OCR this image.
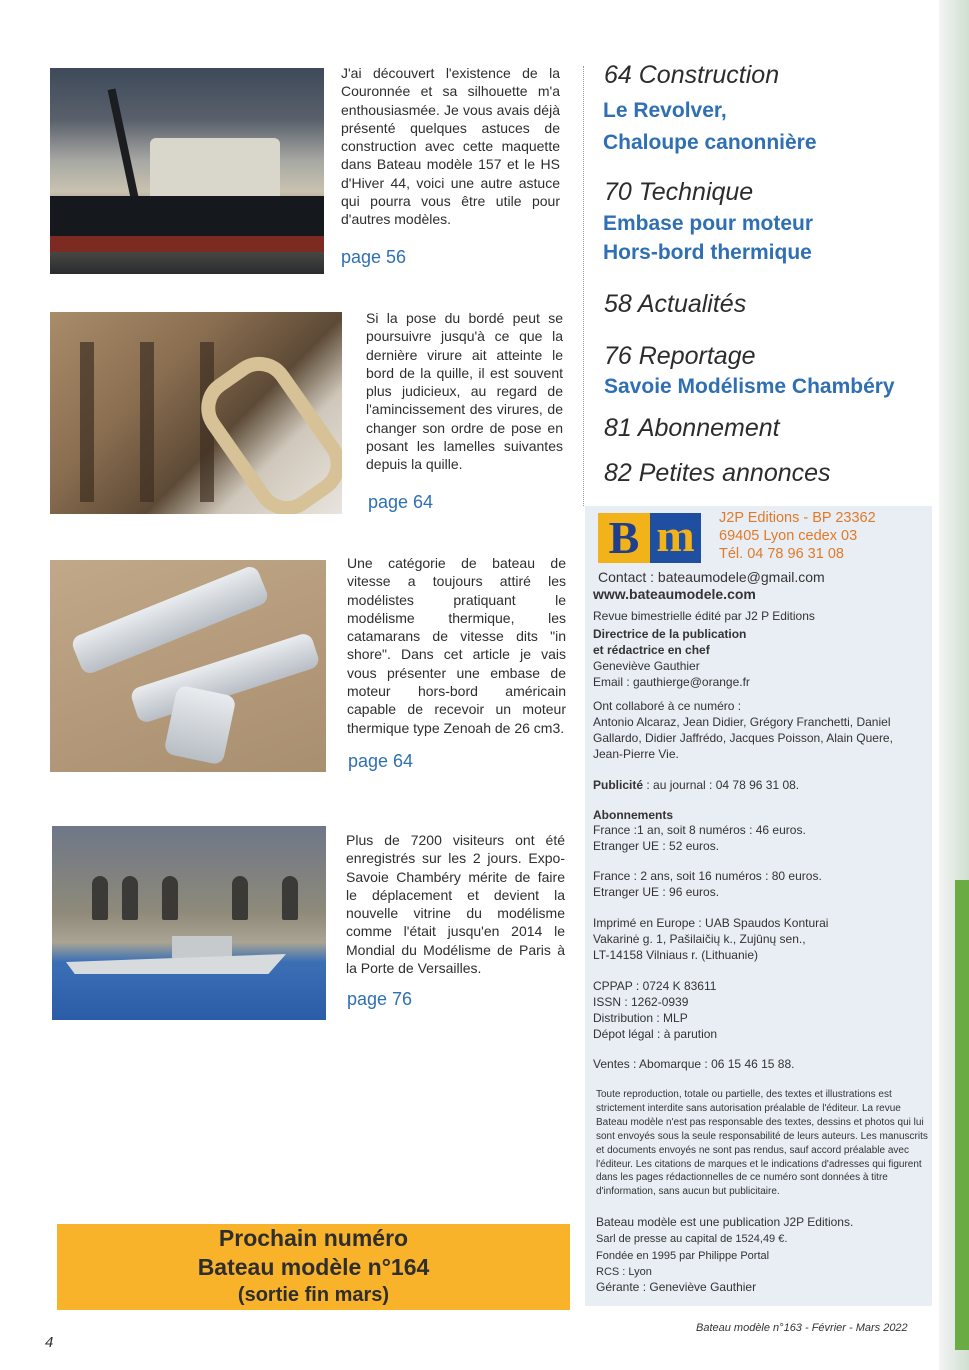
J'ai découvert l'existence de la Couronnée et sa silhouette m'a enthousiasmée. Je vous avais déjà présenté quelques astuces de construction avec cette maquette dans Bateau modèle 157 et le HS d'Hiver 44, voici une autre astuce qui pourra vous être utile pour d'autres modèles.

page 56

Si la pose du bordé peut se poursuivre jusqu'à ce que la dernière virure ait atteinte le bord de la quille, il est souvent plus judicieux, au regard de l'amincissement des virures, de changer son ordre de pose en posant les lamelles suivantes depuis la quille.

page 64

Une catégorie de bateau de vitesse a toujours attiré les modélistes pratiquant le modélisme thermique, les catamarans de vitesse dits "in shore". Dans cet article je vais vous présenter une embase de moteur hors-bord américain capable de recevoir un moteur thermique type Zenoah de 26 cm3.

page 64

Plus de 7200 visiteurs ont été enregistrés sur les 2 jours. Expo-Savoie Chambéry mérite de faire le déplacement et devient la nouvelle vitrine du modélisme comme l'était jusqu'en 2014 le Mondial du Modélisme de Paris à la Porte de Versailles.

page 76

64 Construction

Le Revolver,

Chaloupe canonnière

70 Technique

Embase pour moteur

Hors-bord thermique

58 Actualités

76 Reportage

Savoie Modélisme Chambéry

81 Abonnement

82 Petites annonces

B m	J2P Editions - BP 23362

69405 Lyon cedex 03

Tél. 04 78 96 31 08

Contact : bateaumodele@gmail.com

www.bateaumodele.com

Revue bimestrielle édité par J2 P Editions

Directrice de la publication

et rédactrice en chef

Geneviève Gauthier

Email : gauthierge@orange.fr

Ont collaboré à ce numéro :

Antonio Alcaraz, Jean Didier, Grégory Franchetti, Daniel

Gallardo, Didier Jaffrédo, Jacques Poisson, Alain Quere,

Jean-Pierre Vie.

Publicité : au journal : 04 78 96 31 08.

Abonnements

France :1 an, soit 8 numéros : 46 euros.

Etranger UE : 52 euros.

France : 2 ans, soit 16 numéros : 80 euros.

Etranger UE : 96 euros.

Imprimé en Europe : UAB Spaudos Konturai

Vakarinė g. 1, Pašilaičių k., Zujūnų sen.,

LT-14158 Vilniaus r. (Lithuanie)

CPPAP : 0724 K 83611

ISSN : 1262-0939

Distribution : MLP

Dépot légal : à parution

Ventes : Abomarque : 06 15 46 15 88.

Toute reproduction, totale ou partielle, des textes et illustrations est strictement interdite sans autorisation préalable de l'éditeur. La revue Bateau modèle n'est pas responsable des textes, dessins et photos qui lui sont envoyés sous la seule responsabilité de leurs auteurs. Les manuscrits et documents envoyés ne sont pas rendus, sauf accord préalable avec l'éditeur. Les citations de marques et le indications d'adresses qui figurent dans les pages rédactionnelles de ce numéro sont données à titre d'information, sans aucun but publicitaire.

Bateau modèle est une publication J2P Editions.

Sarl de presse au capital de 1524,49 €.

Fondée en 1995 par Philippe Portal

RCS : Lyon

Gérante : Geneviève Gauthier

Prochain numéro
Bateau modèle n°164
(sortie fin mars)

4

Bateau modèle n°163 - Février - Mars 2022
